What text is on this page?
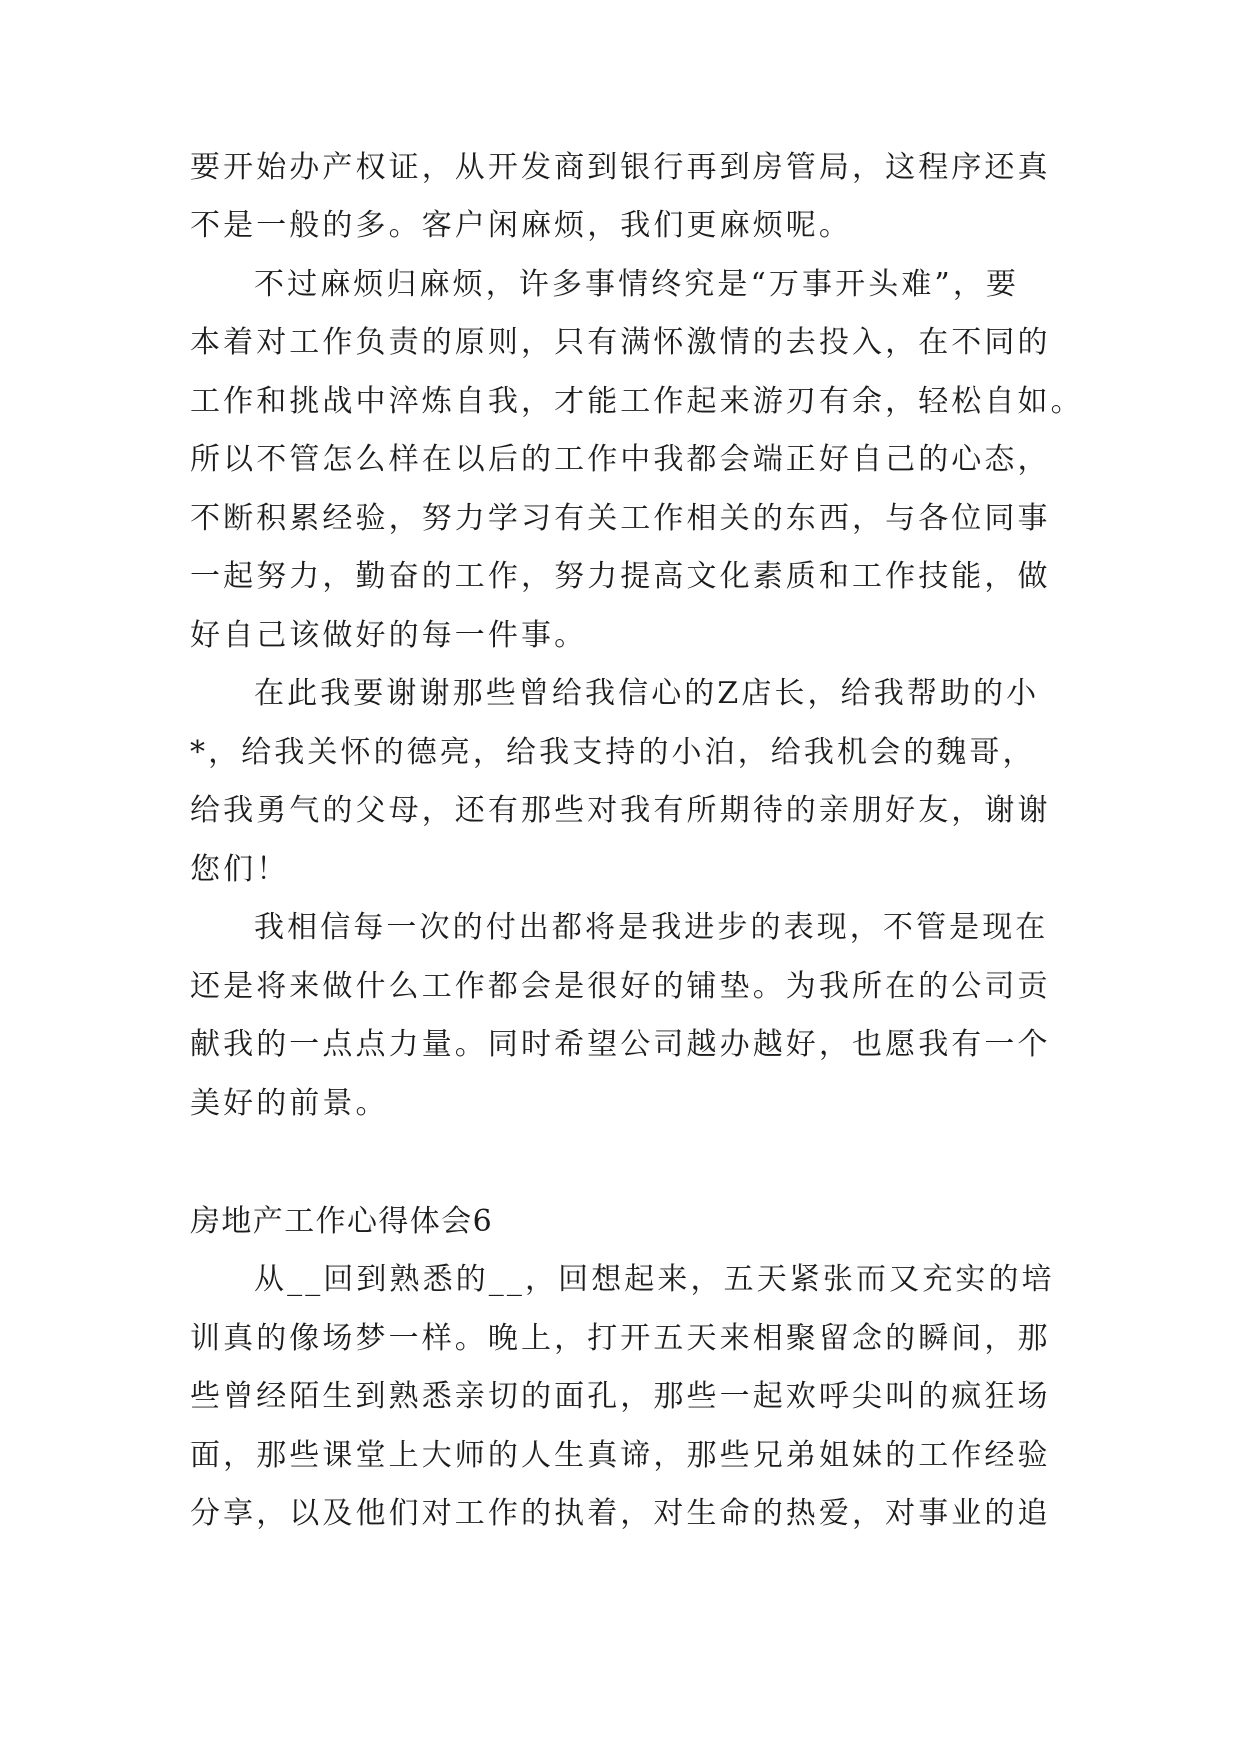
要开始办产权证，从开发商到银行再到房管局，这程序还真

不是一般的多。客户闲麻烦，我们更麻烦呢。

不过麻烦归麻烦，许多事情终究是“万事开头难”，要

本着对工作负责的原则，只有满怀激情的去投入，在不同的

工作和挑战中淬炼自我，才能工作起来游刃有余，轻松自如。

所以不管怎么样在以后的工作中我都会端正好自己的心态，

不断积累经验，努力学习有关工作相关的东西，与各位同事

一起努力，勤奋的工作，努力提高文化素质和工作技能，做

好自己该做好的每一件事。

在此我要谢谢那些曾给我信心的Z店长，给我帮助的小

*，给我关怀的德亮，给我支持的小泊，给我机会的魏哥，

给我勇气的父母，还有那些对我有所期待的亲朋好友，谢谢

您们！

我相信每一次的付出都将是我进步的表现，不管是现在

还是将来做什么工作都会是很好的铺垫。为我所在的公司贡

献我的一点点力量。同时希望公司越办越好，也愿我有一个

美好的前景。

房地产工作心得体会6

从__回到熟悉的__，回想起来，五天紧张而又充实的培

训真的像场梦一样。晚上，打开五天来相聚留念的瞬间，那

些曾经陌生到熟悉亲切的面孔，那些一起欢呼尖叫的疯狂场

面，那些课堂上大师的人生真谛，那些兄弟姐妹的工作经验

分享，以及他们对工作的执着，对生命的热爱，对事业的追
